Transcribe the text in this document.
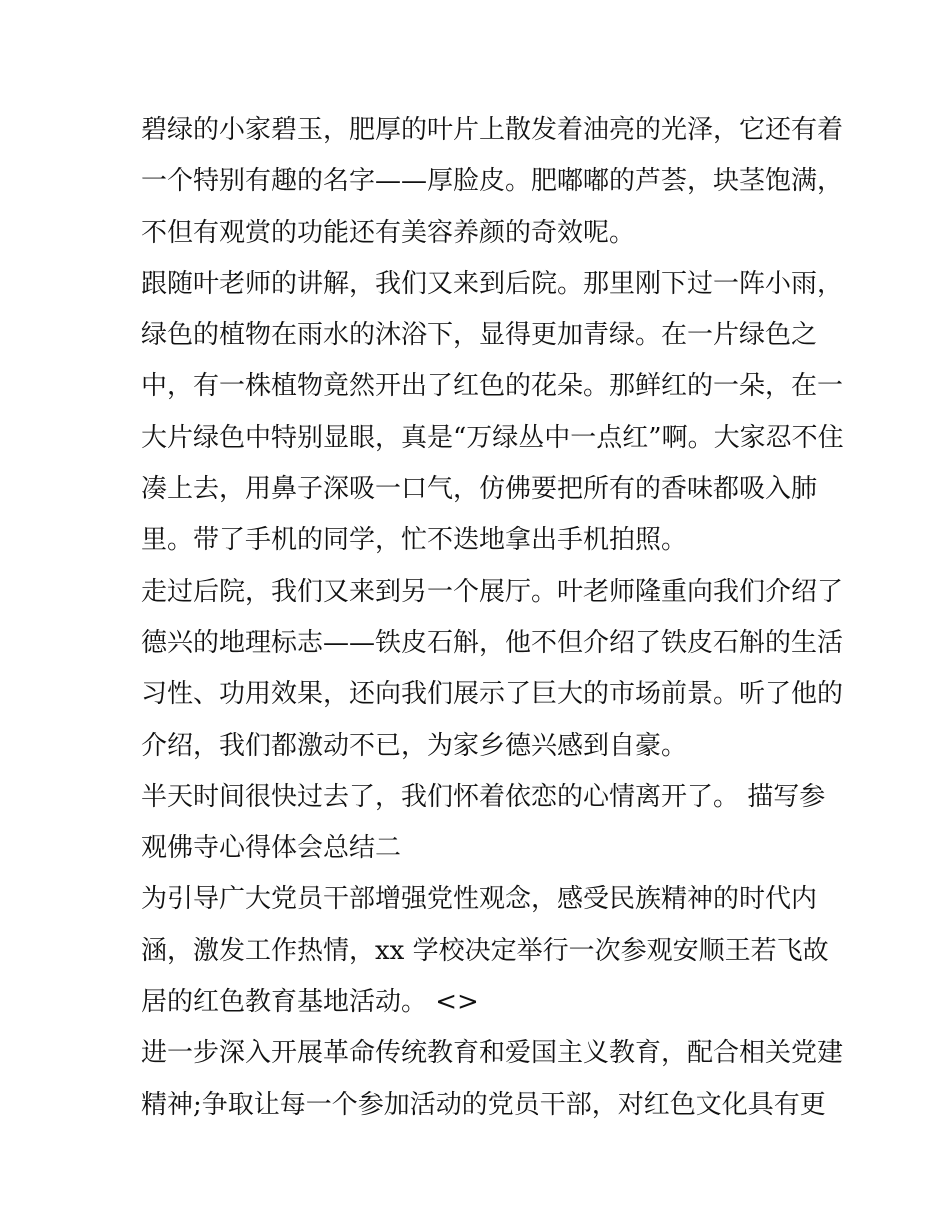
碧绿的小家碧玉，肥厚的叶片上散发着油亮的光泽，它还有着
一个特别有趣的名字——厚脸皮。肥嘟嘟的芦荟，块茎饱满，
不但有观赏的功能还有美容养颜的奇效呢。
跟随叶老师的讲解，我们又来到后院。那里刚下过一阵小雨，
绿色的植物在雨水的沐浴下，显得更加青绿。在一片绿色之
中，有一株植物竟然开出了红色的花朵。那鲜红的一朵，在一
大片绿色中特别显眼，真是“万绿丛中一点红”啊。大家忍不住
凑上去，用鼻子深吸一口气，仿佛要把所有的香味都吸入肺
里。带了手机的同学，忙不迭地拿出手机拍照。
走过后院，我们又来到另一个展厅。叶老师隆重向我们介绍了
德兴的地理标志——铁皮石斛，他不但介绍了铁皮石斛的生活
习性、功用效果，还向我们展示了巨大的市场前景。听了他的
介绍，我们都激动不已，为家乡德兴感到自豪。
半天时间很快过去了，我们怀着依恋的心情离开了。 描写参
观佛寺心得体会总结二
为引导广大党员干部增强党性观念，感受民族精神的时代内
涵，激发工作热情，xx 学校决定举行一次参观安顺王若飞故
居的红色教育基地活动。 <>
进一步深入开展革命传统教育和爱国主义教育，配合相关党建
精神;争取让每一个参加活动的党员干部，对红色文化具有更
